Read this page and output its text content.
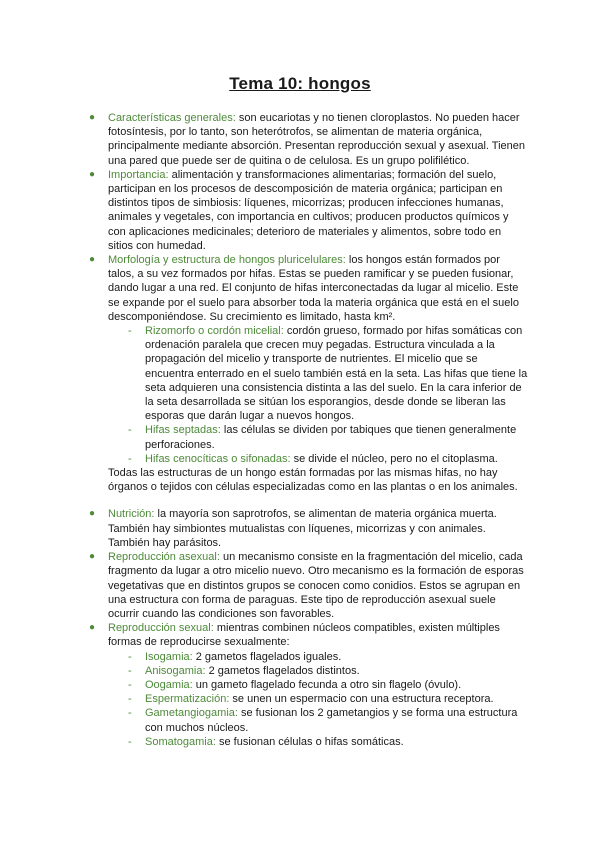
Tema 10: hongos

● Características generales: son eucariotas y no tienen cloroplastos. No pueden hacer fotosíntesis, por lo tanto, son heterótrofos, se alimentan de materia orgánica, principalmente mediante absorción. Presentan reproducción sexual y asexual. Tienen una pared que puede ser de quitina o de celulosa. Es un grupo polifilético.

● Importancia: alimentación y transformaciones alimentarias; formación del suelo, participan en los procesos de descomposición de materia orgánica; participan en distintos tipos de simbiosis: líquenes, micorrizas; producen infecciones humanas, animales y vegetales, con importancia en cultivos; producen productos químicos y con aplicaciones medicinales; deterioro de materiales y alimentos, sobre todo en sitios con humedad.

● Morfología y estructura de hongos pluricelulares: los hongos están formados por talos, a su vez formados por hifas. Estas se pueden ramificar y se pueden fusionar, dando lugar a una red. El conjunto de hifas interconectadas da lugar al micelio. Este se expande por el suelo para absorber toda la materia orgánica que está en el suelo descomponiéndose. Su crecimiento es limitado, hasta km².

- Rizomorfo o cordón micelial: cordón grueso, formado por hifas somáticas con ordenación paralela que crecen muy pegadas. Estructura vinculada a la propagación del micelio y transporte de nutrientes. El micelio que se encuentra enterrado en el suelo también está en la seta. Las hifas que tiene la seta adquieren una consistencia distinta a las del suelo. En la cara inferior de la seta desarrollada se sitúan los esporangios, desde donde se liberan las esporas que darán lugar a nuevos hongos.

- Hifas septadas: las células se dividen por tabiques que tienen generalmente perforaciones.

- Hifas cenocíticas o sifonadas: se divide el núcleo, pero no el citoplasma.

Todas las estructuras de un hongo están formadas por las mismas hifas, no hay órganos o tejidos con células especializadas como en las plantas o en los animales.

● Nutrición: la mayoría son saprotrofos, se alimentan de materia orgánica muerta. También hay simbiontes mutualistas con líquenes, micorrizas y con animales. También hay parásitos.

● Reproducción asexual: un mecanismo consiste en la fragmentación del micelio, cada fragmento da lugar a otro micelio nuevo. Otro mecanismo es la formación de esporas vegetativas que en distintos grupos se conocen como conidios. Estos se agrupan en una estructura con forma de paraguas. Este tipo de reproducción asexual suele ocurrir cuando las condiciones son favorables.

● Reproducción sexual: mientras combinen núcleos compatibles, existen múltiples formas de reproducirse sexualmente:

- Isogamia: 2 gametos flagelados iguales.

- Anisogamia: 2 gametos flagelados distintos.

- Oogamia: un gameto flagelado fecunda a otro sin flagelo (óvulo).

- Espermatización: se unen un espermacio con una estructura receptora.

- Gametangiogamia: se fusionan los 2 gametangios y se forma una estructura con muchos núcleos.

- Somatogamia: se fusionan células o hifas somáticas.
